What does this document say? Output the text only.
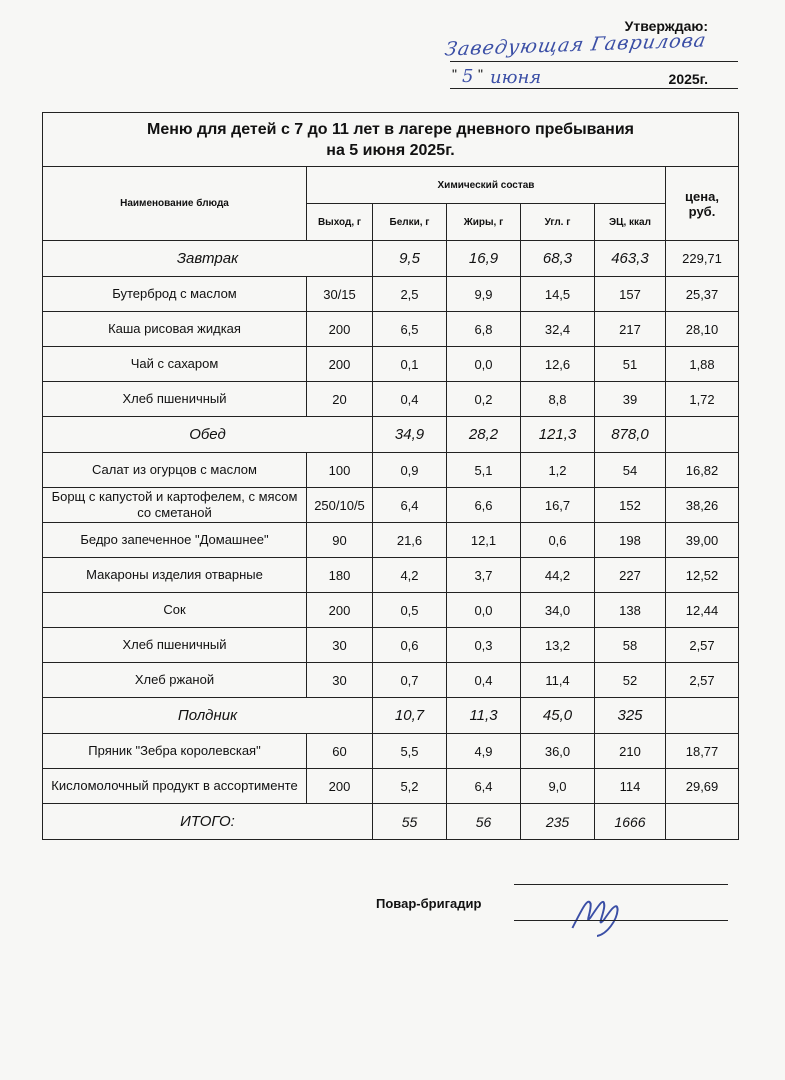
Утверждаю:
Заведующая Гаврилова
" 5 " июня	2025г.
Меню для детей с 7 до 11 лет в лагере дневного пребывания
на 5 июня 2025г.						

Наименование блюда	Химический состав					цена, руб.
	Выход, г	Белки, г	Жиры, г	Угл. г	ЭЦ, ккал	
Завтрак		9,5	16,9	68,3	463,3	229,71
Бутерброд с маслом	30/15	2,5	9,9	14,5	157	25,37
Каша рисовая жидкая	200	6,5	6,8	32,4	217	28,10
Чай с сахаром	200	0,1	0,0	12,6	51	1,88
Хлеб пшеничный	20	0,4	0,2	8,8	39	1,72
Обед		34,9	28,2	121,3	878,0	
Салат из огурцов с маслом	100	0,9	5,1	1,2	54	16,82
Борщ с капустой и картофелем, с мясом со сметаной	250/10/5	6,4	6,6	16,7	152	38,26
Бедро запеченное "Домашнее"	90	21,6	12,1	0,6	198	39,00
Макароны изделия отварные	180	4,2	3,7	44,2	227	12,52
Сок	200	0,5	0,0	34,0	138	12,44
Хлеб пшеничный	30	0,6	0,3	13,2	58	2,57
Хлеб ржаной	30	0,7	0,4	11,4	52	2,57
Полдник		10,7	11,3	45,0	325	
Пряник "Зебра королевская"	60	5,5	4,9	36,0	210	18,77
Кисломолочный продукт в ассортименте	200	5,2	6,4	9,0	114	29,69
ИТОГО:		55	56	235	1666	
Повар-бригадир
